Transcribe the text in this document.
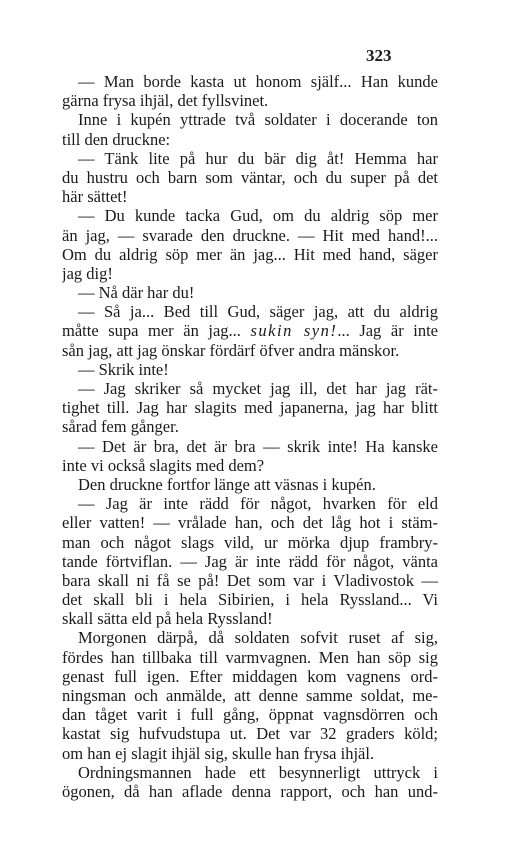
323
— Man borde kasta ut honom själf... Han kunde
gärna frysa ihjäl, det fyllsvinet.
Inne i kupén yttrade två soldater i docerande ton
till den druckne:
— Tänk lite på hur du bär dig åt! Hemma har
du hustru och barn som väntar, och du super på det
här sättet!
— Du kunde tacka Gud, om du aldrig söp mer
än jag, — svarade den druckne. — Hit med hand!...
Om du aldrig söp mer än jag... Hit med hand, säger
jag dig!
— Nå där har du!
— Så ja... Bed till Gud, säger jag, att du aldrig
måtte supa mer än jag... sukin syn!... Jag är inte
sån jag, att jag önskar fördärf öfver andra mänskor.
— Skrik inte!
— Jag skriker så mycket jag ill, det har jag rät-
tighet till. Jag har slagits med japanerna, jag har blitt
sårad fem gånger.
— Det är bra, det är bra — skrik inte! Ha kanske
inte vi också slagits med dem?
Den druckne fortfor länge att väsnas i kupén.
— Jag är inte rädd för något, hvarken för eld
eller vatten! — vrålade han, och det låg hot i stäm-
man och något slags vild, ur mörka djup frambry-
tande förtviflan. — Jag är inte rädd för något, vänta
bara skall ni få se på! Det som var i Vladivostok —
det skall bli i hela Sibirien, i hela Ryssland... Vi
skall sätta eld på hela Ryssland!
Morgonen därpå, då soldaten sofvit ruset af sig,
fördes han tillbaka till varmvagnen. Men han söp sig
genast full igen. Efter middagen kom vagnens ord-
ningsman och anmälde, att denne samme soldat, me-
dan tåget varit i full gång, öppnat vagnsdörren och
kastat sig hufvudstupa ut. Det var 32 graders köld;
om han ej slagit ihjäl sig, skulle han frysa ihjäl.
Ordningsmannen hade ett besynnerligt uttryck i
ögonen, då han aflade denna rapport, och han und-
